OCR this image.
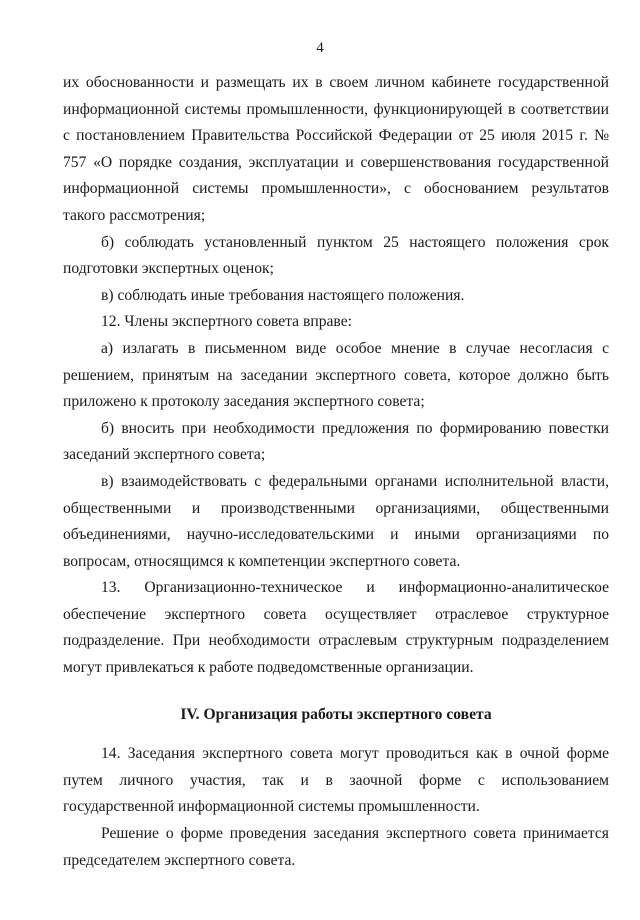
4

их обоснованности и размещать их в своем личном кабинете государственной информационной системы промышленности, функционирующей в соответствии с постановлением Правительства Российской Федерации от 25 июля 2015 г. № 757 «О порядке создания, эксплуатации и совершенствования государственной информационной системы промышленности», с обоснованием результатов такого рассмотрения;

б) соблюдать установленный пунктом 25 настоящего положения срок подготовки экспертных оценок;

в) соблюдать иные требования настоящего положения.

12. Члены экспертного совета вправе:

а) излагать в письменном виде особое мнение в случае несогласия с решением, принятым на заседании экспертного совета, которое должно быть приложено к протоколу заседания экспертного совета;

б) вносить при необходимости предложения по формированию повестки заседаний экспертного совета;

в) взаимодействовать с федеральными органами исполнительной власти, общественными и производственными организациями, общественными объединениями, научно-исследовательскими и иными организациями по вопросам, относящимся к компетенции экспертного совета.

13. Организационно-техническое и информационно-аналитическое обеспечение экспертного совета осуществляет отраслевое структурное подразделение. При необходимости отраслевым структурным подразделением могут привлекаться к работе подведомственные организации.

IV. Организация работы экспертного совета

14. Заседания экспертного совета могут проводиться как в очной форме путем личного участия, так и в заочной форме с использованием государственной информационной системы промышленности.

Решение о форме проведения заседания экспертного совета принимается председателем экспертного совета.
